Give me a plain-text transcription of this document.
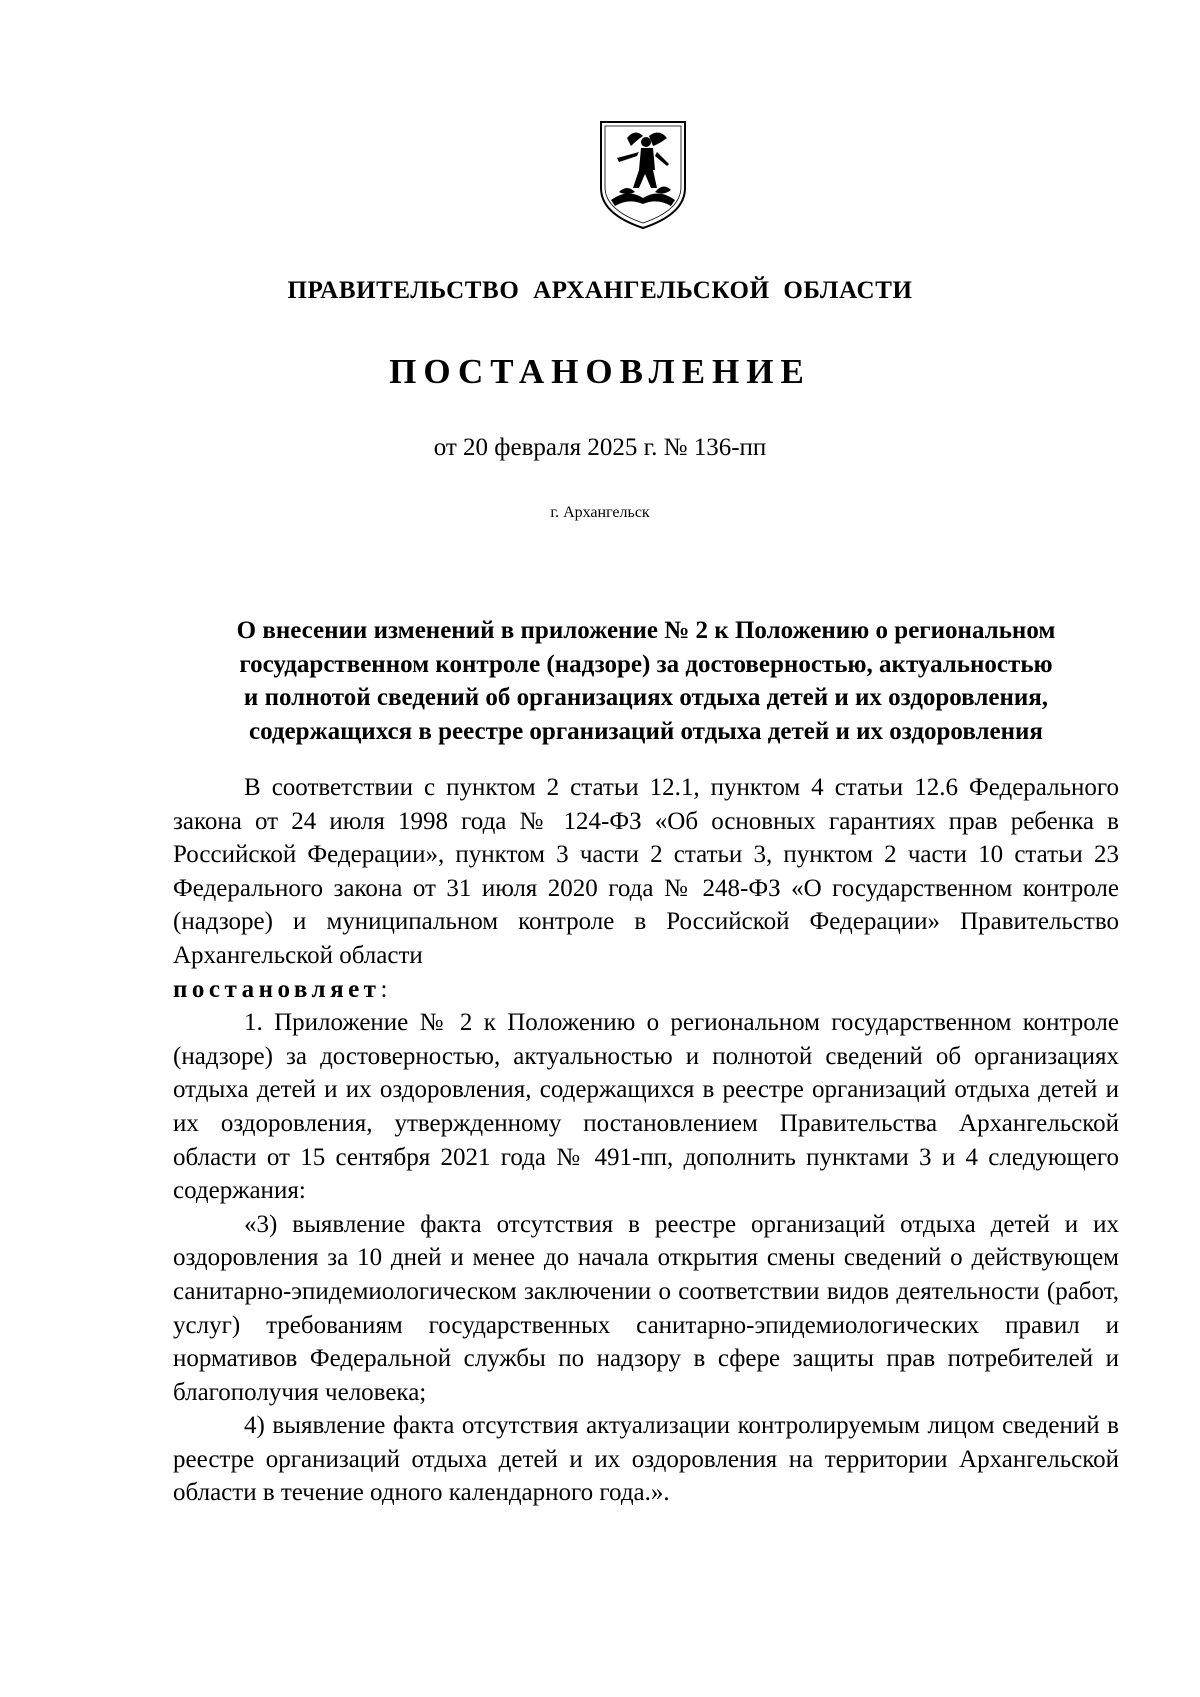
ПРАВИТЕЛЬСТВО  АРХАНГЕЛЬСКОЙ  ОБЛАСТИ
ПОСТАНОВЛЕНИЕ
от 20 февраля 2025 г. № 136-пп
г. Архангельск
О внесении изменений в приложение № 2 к Положению о региональном
государственном контроле (надзоре) за достоверностью, актуальностью
и полнотой сведений об организациях отдыха детей и их оздоровления,
содержащихся в реестре организаций отдыха детей и их оздоровления

В соответствии с пунктом 2 статьи 12.1, пунктом 4 статьи 12.6 Федерального закона от 24 июля 1998 года № 124-ФЗ «Об основных гарантиях прав ребенка в Российской Федерации», пунктом 3 части 2 статьи 3, пунктом 2 части 10 статьи 23 Федерального закона от 31 июля 2020 года № 248-ФЗ «О государственном контроле (надзоре) и муниципальном контроле в Российской Федерации» Правительство Архангельской области

постановляет:

1. Приложение № 2 к Положению о региональном государственном контроле (надзоре) за достоверностью, актуальностью и полнотой сведений об организациях отдыха детей и их оздоровления, содержащихся в реестре организаций отдыха детей и их оздоровления, утвержденному постановлением Правительства Архангельской области от 15 сентября 2021 года № 491-пп, дополнить пунктами 3 и 4 следующего содержания:

«3) выявление факта отсутствия в реестре организаций отдыха детей и их оздоровления за 10 дней и менее до начала открытия смены сведений о действующем санитарно-эпидемиологическом заключении о соответствии видов деятельности (работ, услуг) требованиям государственных санитарно-эпидемиологических правил и нормативов Федеральной службы по надзору в сфере защиты прав потребителей и благополучия человека;

4) выявление факта отсутствия актуализации контролируемым лицом сведений в реестре организаций отдыха детей и их оздоровления на территории Архангельской области в течение одного календарного года.».
